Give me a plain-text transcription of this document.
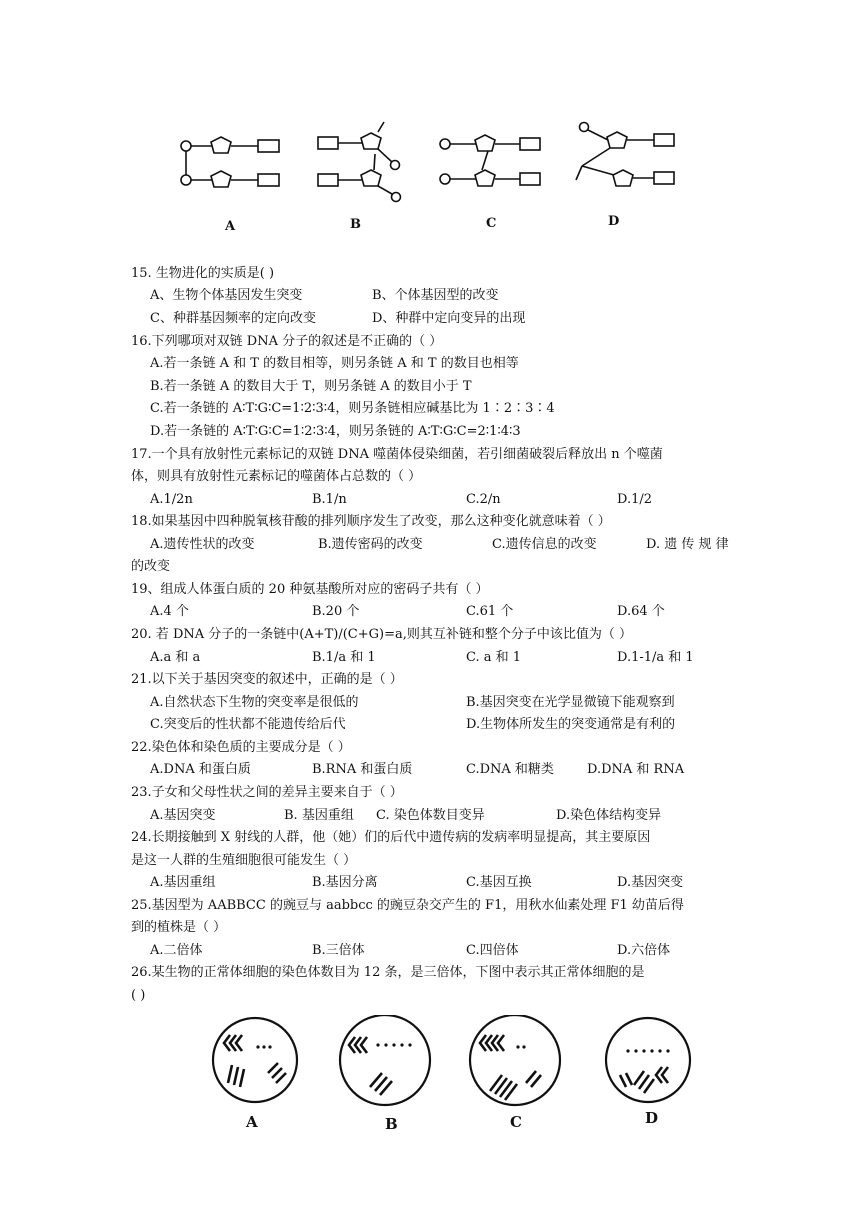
A	B	C	D
15. 生物进化的实质是( )
A、生物个体基因发生突变	B、个体基因型的改变
C、种群基因频率的定向改变	D、种群中定向变异的出现
16.下列哪项对双链 DNA 分子的叙述是不正确的（ ）
A.若一条链 A 和 T 的数目相等，则另条链 A 和 T 的数目也相等
B.若一条链 A 的数目大于 T，则另条链 A 的数目小于 T
C.若一条链的 A∶T∶G∶C=1∶2∶3∶4，则另条链相应碱基比为 1∶2∶3∶4
D.若一条链的 A∶T∶G∶C=1∶2∶3∶4，则另条链的 A∶T∶G∶C=2∶1∶4∶3
17.一个具有放射性元素标记的双链 DNA 噬菌体侵染细菌，若引细菌破裂后释放出 n 个噬菌
体，则具有放射性元素标记的噬菌体占总数的（ ）
A.1/2n	B.1/n	C.2/n	D.1/2
18.如果基因中四种脱氧核苷酸的排列顺序发生了改变，那么这种变化就意味着（ ）
A.遗传性状的改变	B.遗传密码的改变	C.遗传信息的改变	D. 遗 传 规 律
的改变
19、组成人体蛋白质的 20 种氨基酸所对应的密码子共有（ ）
A.4 个	B.20 个	C.61 个	D.64 个
20. 若 DNA 分子的一条链中(A+T)/(C+G)=a,则其互补链和整个分子中该比值为（ ）
A.a 和 a	B.1/a 和 1	C. a 和 1	D.1-1/a 和 1
21.以下关于基因突变的叙述中，正确的是（ ）
A.自然状态下生物的突变率是很低的	B.基因突变在光学显微镜下能观察到
C.突变后的性状都不能遗传给后代	D.生物体所发生的突变通常是有利的
22.染色体和染色质的主要成分是（ ）
A.DNA 和蛋白质	B.RNA 和蛋白质	C.DNA 和糖类	D.DNA 和 RNA
23.子女和父母性状之间的差异主要来自于（ ）
A.基因突变	B. 基因重组 C. 染色体数目变异	D.染色体结构变异
24.长期接触到 X 射线的人群，他（她）们的后代中遗传病的发病率明显提高，其主要原因
是这一人群的生殖细胞很可能发生（ ）
A.基因重组	B.基因分离	C.基因互换	D.基因突变
25.基因型为 AABBCC 的豌豆与 aabbcc 的豌豆杂交产生的 F1，用秋水仙素处理 F1 幼苗后得
到的植株是（ ）
A.二倍体	B.三倍体	C.四倍体	D.六倍体
26.某生物的正常体细胞的染色体数目为 12 条，是三倍体，下图中表示其正常体细胞的是
( )
A	B	C	D
